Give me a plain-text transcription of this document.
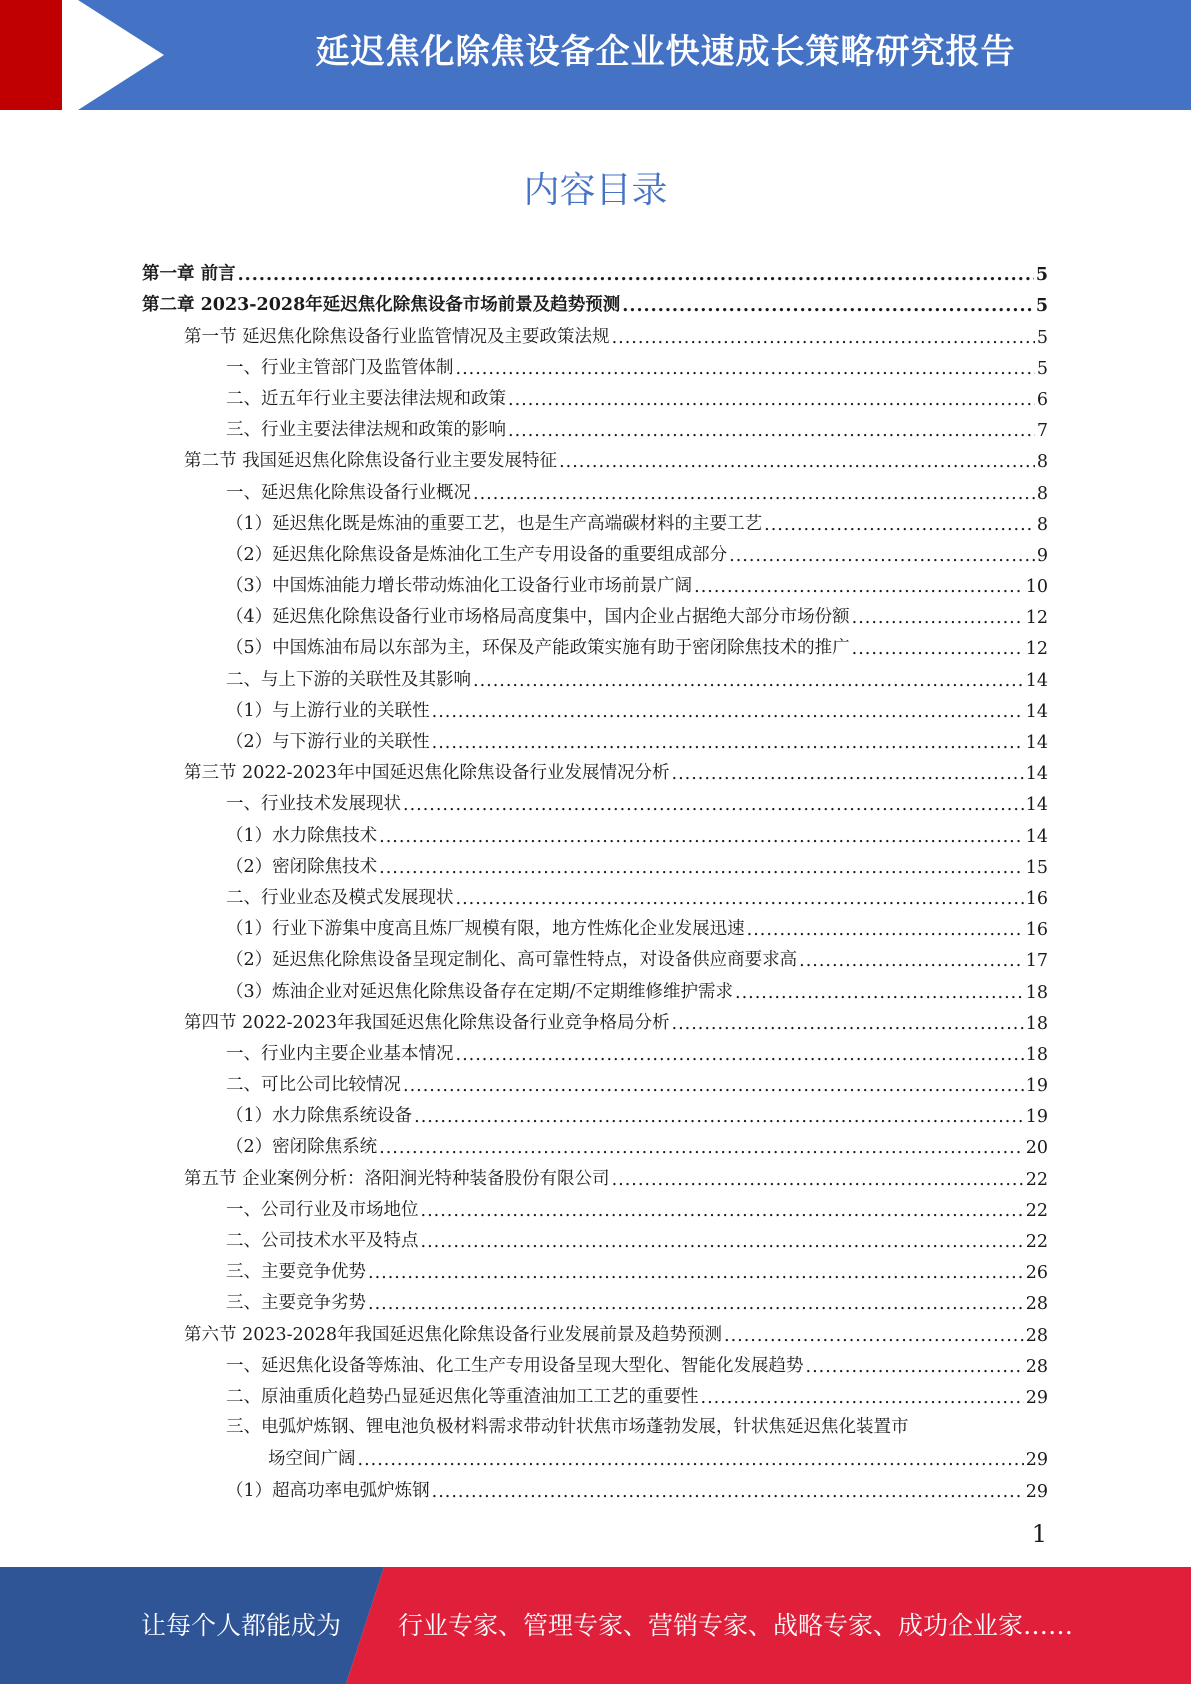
延迟焦化除焦设备企业快速成长策略研究报告
内容目录
第一章 前言 .....	5
第二章 2023-2028年延迟焦化除焦设备市场前景及趋势预测 .....	5
第一节 延迟焦化除焦设备行业监管情况及主要政策法规 .....	5
一、行业主管部门及监管体制 .....	5
二、近五年行业主要法律法规和政策 .....	6
三、行业主要法律法规和政策的影响 .....	7
第二节 我国延迟焦化除焦设备行业主要发展特征 .....	8
一、延迟焦化除焦设备行业概况 .....	8
（1）延迟焦化既是炼油的重要工艺，也是生产高端碳材料的主要工艺 .....	8
（2）延迟焦化除焦设备是炼油化工生产专用设备的重要组成部分 .....	9
（3）中国炼油能力增长带动炼油化工设备行业市场前景广阔 .....	10
（4）延迟焦化除焦设备行业市场格局高度集中，国内企业占据绝大部分市场份额 .....	12
（5）中国炼油布局以东部为主，环保及产能政策实施有助于密闭除焦技术的推广 .....	12
二、与上下游的关联性及其影响 .....	14
（1）与上游行业的关联性 .....	14
（2）与下游行业的关联性 .....	14
第三节 2022-2023年中国延迟焦化除焦设备行业发展情况分析 .....	14
一、行业技术发展现状 .....	14
（1）水力除焦技术 .....	14
（2）密闭除焦技术 .....	15
二、行业业态及模式发展现状 .....	16
（1）行业下游集中度高且炼厂规模有限，地方性炼化企业发展迅速 .....	16
（2）延迟焦化除焦设备呈现定制化、高可靠性特点，对设备供应商要求高 .....	17
（3）炼油企业对延迟焦化除焦设备存在定期/不定期维修维护需求 .....	18
第四节 2022-2023年我国延迟焦化除焦设备行业竞争格局分析 .....	18
一、行业内主要企业基本情况 .....	18
二、可比公司比较情况 .....	19
（1）水力除焦系统设备 .....	19
（2）密闭除焦系统 .....	20
第五节 企业案例分析：洛阳涧光特种装备股份有限公司 .....	22
一、公司行业及市场地位 .....	22
二、公司技术水平及特点 .....	22
三、主要竞争优势 .....	26
三、主要竞争劣势 .....	28
第六节 2023-2028年我国延迟焦化除焦设备行业发展前景及趋势预测 .....	28
一、延迟焦化设备等炼油、化工生产专用设备呈现大型化、智能化发展趋势 .....	28
二、原油重质化趋势凸显延迟焦化等重渣油加工工艺的重要性 .....	29
三、电弧炉炼钢、锂电池负极材料需求带动针状焦市场蓬勃发展，针状焦延迟焦化装置市
场空间广阔 .....	29
（1）超高功率电弧炉炼钢 .....	29
1
让每个人都能成为 行业专家、管理专家、营销专家、战略专家、成功企业家……
